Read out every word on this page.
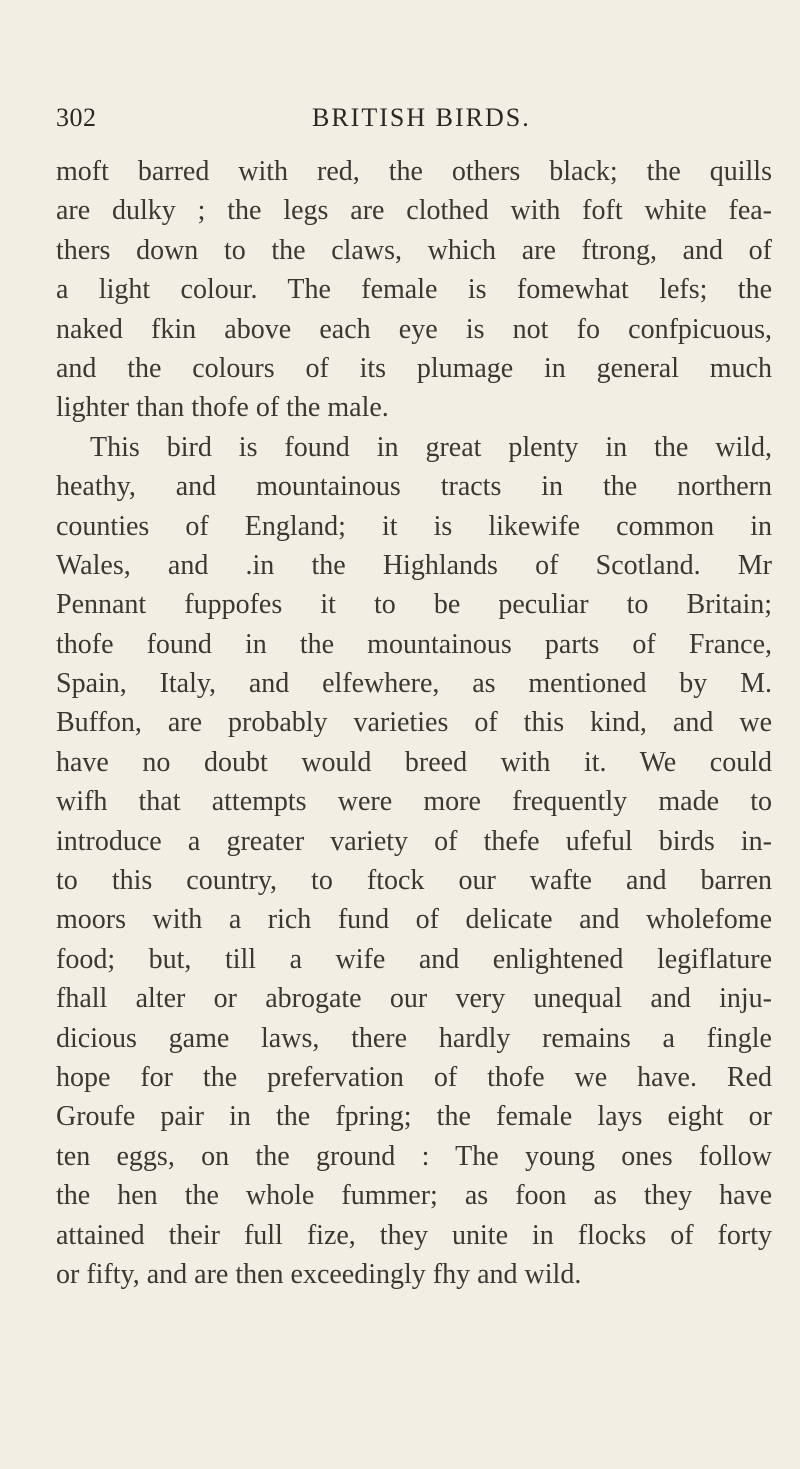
302	BRITISH BIRDS.
moft barred with red, the others black; the quills
are dulky ; the legs are clothed with foft white fea-
thers down to the claws, which are ftrong, and of
a light colour. The female is fomewhat lefs; the
naked fkin above each eye is not fo confpicuous,
and the colours of its plumage in general much
lighter than thofe of the male.
This bird is found in great plenty in the wild,
heathy, and mountainous tracts in the northern
counties of England; it is likewife common in
Wales, and .in the Highlands of Scotland. Mr
Pennant fuppofes it to be peculiar to Britain;
thofe found in the mountainous parts of France,
Spain, Italy, and elfewhere, as mentioned by M.
Buffon, are probably varieties of this kind, and we
have no doubt would breed with it. We could
wifh that attempts were more frequently made to
introduce a greater variety of thefe ufeful birds in-
to this country, to ftock our wafte and barren
moors with a rich fund of delicate and wholefome
food; but, till a wife and enlightened legiflature
fhall alter or abrogate our very unequal and inju-
dicious game laws, there hardly remains a fingle
hope for the prefervation of thofe we have. Red
Groufe pair in the fpring; the female lays eight or
ten eggs, on the ground : The young ones follow
the hen the whole fummer; as foon as they have
attained their full fize, they unite in flocks of forty
or fifty, and are then exceedingly fhy and wild.
